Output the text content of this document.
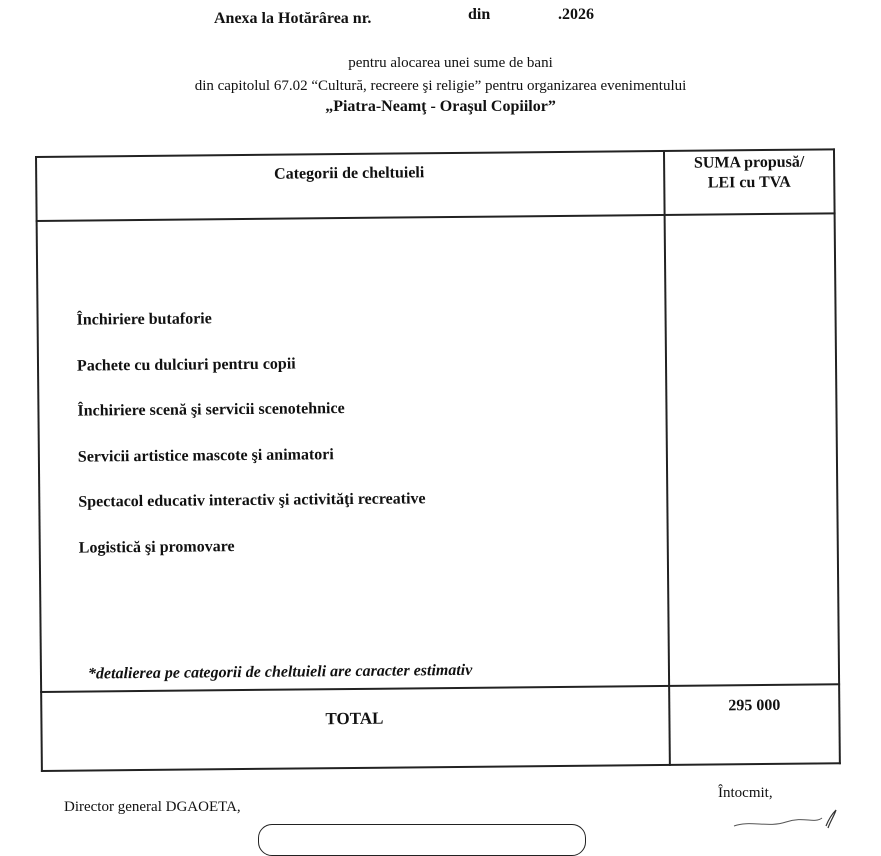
Anexa la Hotărârea nr.	din	.2026
pentru alocarea unei sume de bani
din capitolul 67.02 “Cultură, recreere şi religie” pentru organizarea evenimentului
„Piatra-Neamţ - Oraşul Copiilor”
Categorii de cheltuieli
SUMA propusă/
LEI cu TVA
Închiriere butaforie
Pachete cu dulciuri pentru copii
Închiriere scenă şi servicii scenotehnice
Servicii artistice mascote şi animatori
Spectacol educativ interactiv şi activităţi recreative
Logistică şi promovare
*detalierea pe categorii de cheltuieli are caracter estimativ
TOTAL
295 000
Director general DGAOETA,
Întocmit,
